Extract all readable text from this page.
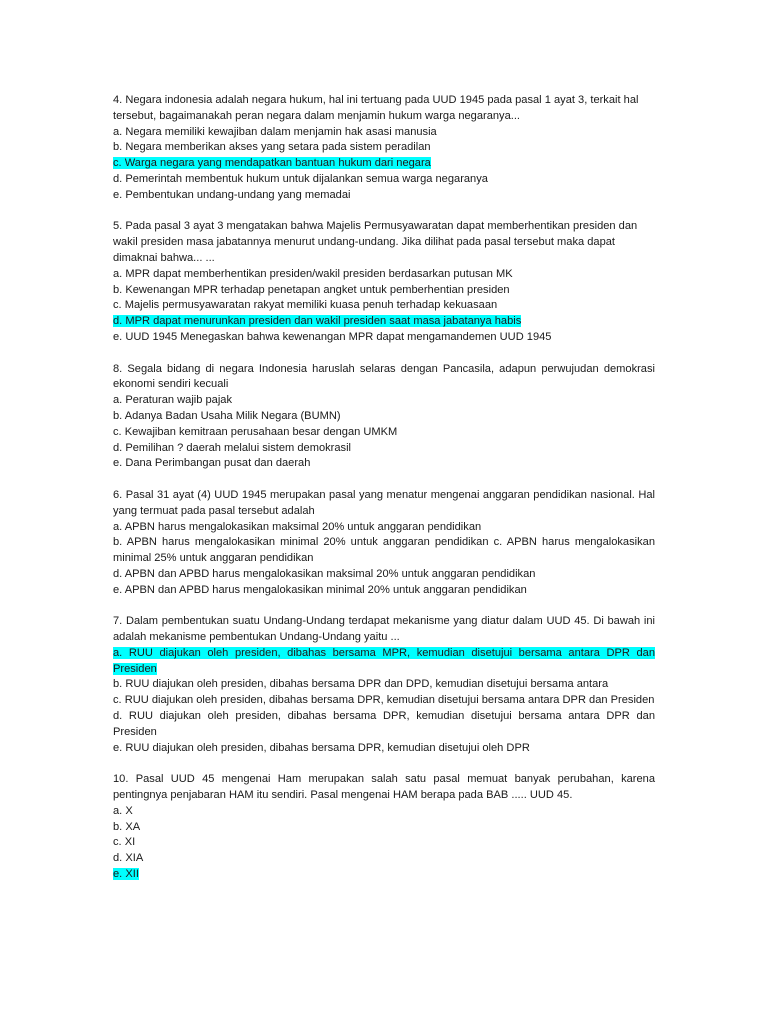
4. Negara indonesia adalah negara hukum, hal ini tertuang pada UUD 1945 pada pasal 1 ayat 3, terkait hal tersebut, bagaimanakah peran negara dalam menjamin hukum warga negaranya...

a. Negara memiliki kewajiban dalam menjamin hak asasi manusia

b. Negara memberikan akses yang setara pada sistem peradilan

c. Warga negara yang mendapatkan bantuan hukum dari negara

d. Pemerintah membentuk hukum untuk dijalankan semua warga negaranya

e. Pembentukan undang-undang yang memadai

5. Pada pasal 3 ayat 3 mengatakan bahwa Majelis Permusyawaratan dapat memberhentikan presiden dan wakil presiden masa jabatannya menurut undang-undang. Jika dilihat pada pasal tersebut maka dapat dimaknai bahwa... ...

a. MPR dapat memberhentikan presiden/wakil presiden berdasarkan putusan MK

b. Kewenangan MPR terhadap penetapan angket untuk pemberhentian presiden

c. Majelis permusyawaratan rakyat memiliki kuasa penuh terhadap kekuasaan

d. MPR dapat menurunkan presiden dan wakil presiden saat masa jabatanya habis

e. UUD 1945 Menegaskan bahwa kewenangan MPR dapat mengamandemen UUD 1945

8. Segala bidang di negara Indonesia haruslah selaras dengan Pancasila, adapun perwujudan demokrasi ekonomi sendiri kecuali

a. Peraturan wajib pajak

b. Adanya Badan Usaha Milik Negara (BUMN)

c. Kewajiban kemitraan perusahaan besar dengan UMKM

d. Pemilihan ? daerah melalui sistem demokrasil

e. Dana Perimbangan pusat dan daerah

6. Pasal 31 ayat (4) UUD 1945 merupakan pasal yang menatur mengenai anggaran pendidikan nasional. Hal yang termuat pada pasal tersebut adalah

a. APBN harus mengalokasikan maksimal 20% untuk anggaran pendidikan

b. APBN harus mengalokasikan minimal 20% untuk anggaran pendidikan c. APBN harus mengalokasikan minimal 25% untuk anggaran pendidikan

d. APBN dan APBD harus mengalokasikan maksimal 20% untuk anggaran pendidikan

e. APBN dan APBD harus mengalokasikan minimal 20% untuk anggaran pendidikan

7. Dalam pembentukan suatu Undang-Undang terdapat mekanisme yang diatur dalam UUD 45. Di bawah ini adalah mekanisme pembentukan Undang-Undang yaitu ...

a. RUU diajukan oleh presiden, dibahas bersama MPR, kemudian disetujui bersama antara DPR dan Presiden

b. RUU diajukan oleh presiden, dibahas bersama DPR dan DPD, kemudian disetujui bersama antara

c. RUU diajukan oleh presiden, dibahas bersama DPR, kemudian disetujui bersama antara DPR dan Presiden

d. RUU diajukan oleh presiden, dibahas bersama DPR, kemudian disetujui bersama antara DPR dan Presiden

e. RUU diajukan oleh presiden, dibahas bersama DPR, kemudian disetujui oleh DPR

10. Pasal UUD 45 mengenai Ham merupakan salah satu pasal memuat banyak perubahan, karena pentingnya penjabaran HAM itu sendiri. Pasal mengenai HAM berapa pada BAB ..... UUD 45.

a. X

b. XA

c. XI

d. XIA

e. XII
